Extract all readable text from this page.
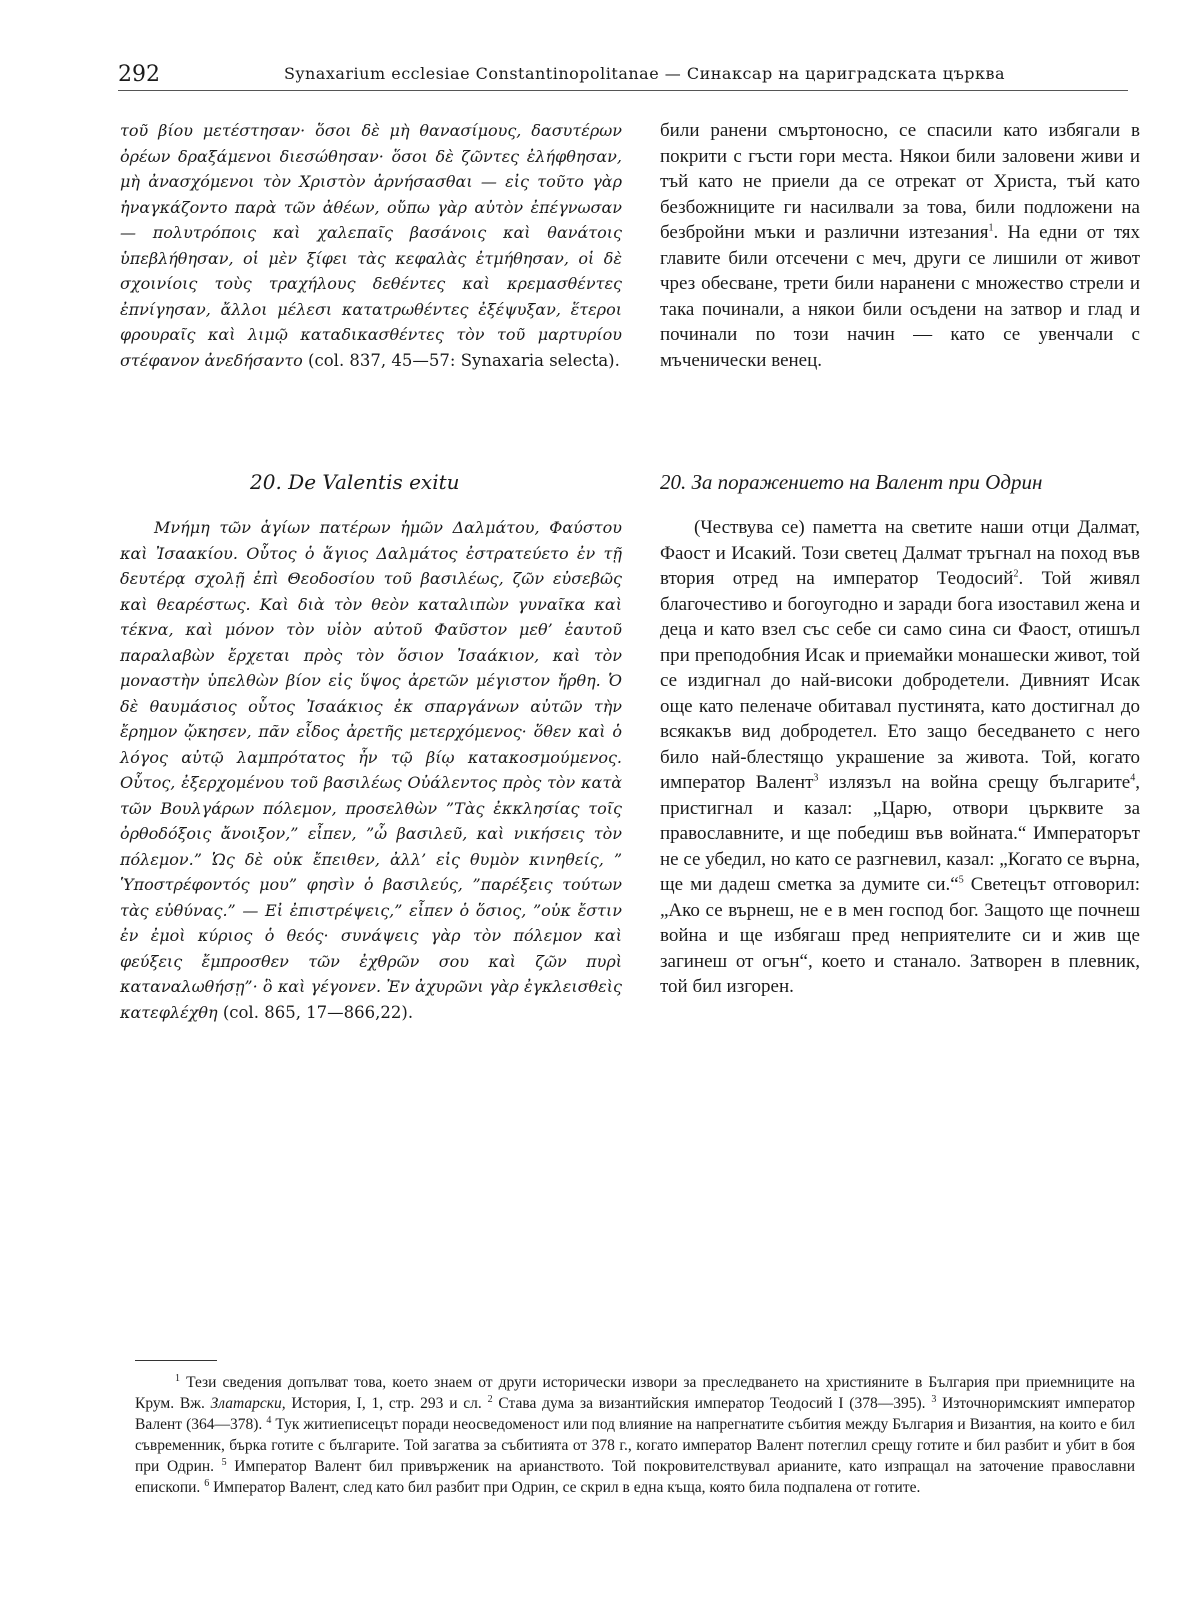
292	Synaxarium ecclesiae Constantinopolitanae — Синаксар на цариградската църква

τοῦ βίου μετέστησαν· ὅσοι δὲ μὴ θανασίμους, δασυτέρων ὀρέων δραξάμενοι διεσώθησαν· ὅσοι δὲ ζῶντες ἐλήφθησαν, μὴ ἀνασχόμενοι τὸν Χριστὸν ἀρνήσασθαι — εἰς τοῦτο γὰρ ἠναγκάζοντο παρὰ τῶν ἀθέων, οὔπω γὰρ αὐτὸν ἐπέγνωσαν — πολυτρόποις καὶ χαλεπαῖς βασάνοις καὶ θανάτοις ὑπεβλήθησαν, οἱ μὲν ξίφει τὰς κεφαλὰς ἐτμήθησαν, οἱ δὲ σχοινίοις τοὺς τραχήλους δεθέντες καὶ κρεμασθέντες ἐπνίγησαν, ἄλλοι μέλεσι κατατρωθέντες ἐξέψυξαν, ἕτεροι φρουραῖς καὶ λιμῷ καταδικασθέντες τὸν τοῦ μαρτυρίου στέφανον ἀνεδήσαντο (col. 837, 45—57: Synaxaria selecta).

били ранени смъртоносно, се спасили като избягали в покрити с гъсти гори места. Някои били заловени живи и тъй като не приели да се отрекат от Христа, тъй като безбожниците ги насилвали за това, били подложени на безбройни мъки и различни изтезания$^1$. На едни от тях главите били отсечени с меч, други се лишили от живот чрез обесване, трети били наранени с множество стрели и така починали, а някои били осъдени на затвор и глад и починали по този начин — като се увенчали с мъченически венец.

20. De Valentis exitu	20. За поражението на Валент при Одрин

Μνήμη τῶν ἁγίων πατέρων ἡμῶν Δαλμάτου, Φαύστου καὶ Ἰσαακίου. Οὗτος ὁ ἅγιος Δαλμάτος ἐστρατεύετο ἐν τῇ δευτέρᾳ σχολῇ ἐπὶ Θεοδοσίου τοῦ βασιλέως, ζῶν εὐσεβῶς καὶ θεαρέστως. Καὶ διὰ τὸν θεὸν καταλιπὼν γυναῖκα καὶ τέκνα, καὶ μόνον τὸν υἱὸν αὐτοῦ Φαῦστον μεθ’ ἑαυτοῦ παραλαβὼν ἔρχεται πρὸς τὸν ὅσιον Ἰσαάκιον, καὶ τὸν μοναστὴν ὑπελθὼν βίον εἰς ὕψος ἀρετῶν μέγιστον ἤρθη. Ὁ δὲ θαυμάσιος οὗτος Ἰσαάκιος ἐκ σπαργάνων αὐτῶν τὴν ἔρημον ᾤκησεν, πᾶν εἶδος ἀρετῆς μετερχόμενος· ὅθεν καὶ ὁ λόγος αὐτῷ λαμπρότατος ἦν τῷ βίῳ κατακοσμούμενος. Οὗτος, ἐξερχομένου τοῦ βασιλέως Οὐάλεντος πρὸς τὸν κατὰ τῶν Βουλγάρων πόλεμον, προσελθὼν ”Τὰς ἐκκλησίας τοῖς ὀρθοδόξοις ἄνοιξον,” εἶπεν, ”ὦ βασιλεῦ, καὶ νικήσεις τὸν πόλεμον.” Ὡς δὲ οὐκ ἔπειθεν, ἀλλ’ εἰς θυμὸν κινηθείς, ” Ὑποστρέφοντός μου” φησὶν ὁ βασιλεύς, ”παρέξεις τούτων τὰς εὐθύνας.” — Εἰ ἐπιστρέψεις,” εἶπεν ὁ ὅσιος, ”οὐκ ἔστιν ἐν ἐμοὶ κύριος ὁ θεός· συνάψεις γὰρ τὸν πόλεμον καὶ φεύξεις ἔμπροσθεν τῶν ἐχθρῶν σου καὶ ζῶν πυρὶ καταναλωθήσῃ”· ὃ καὶ γέγονεν. Ἐν ἀχυρῶνι γὰρ ἐγκλεισθεὶς κατεφλέχθη (col. 865, 17—866,22).

(Чествува се) паметта на светите наши отци Далмат, Фаост и Исакий. Този светец Далмат тръгнал на поход във втория отред на император Теодосий$^2$. Той живял благочестиво и богоугодно и заради бога изоставил жена и деца и като взел със себе си само сина си Фаост, отишъл при преподобния Исак и приемайки монашески живот, той се издигнал до най-високи добродетели. Дивният Исак още като пеленаче обитавал пустинята, като достигнал до всякакъв вид добродетел. Ето защо беседването с него било най-блестящо украшение за живота. Той, когато император Валент$^3$ излязъл на война срещу българите$^4$, пристигнал и казал: „Царю, отвори църквите за православните, и ще победиш във войната.“ Императорът не се убедил, но като се разгневил, казал: „Когато се върна, ще ми дадеш сметка за думите си.“$^5$ Светецът отговорил: „Ако се върнеш, не е в мен господ бог. Защото ще почнеш война и ще избягаш пред неприятелите си и жив ще загинеш от огън“, което и станало. Затворен в плевник, той бил изгорен.

$^1$ Тези сведения допълват това, което знаем от други исторически извори за преследването на християните в България при приемниците на Крум. Вж. Златарски, История, I, 1, стр. 293 и сл. $^2$ Става дума за византийския император Теодосий I (378—395). $^3$ Източноримският император Валент (364—378). $^4$ Тук житиеписецът поради неосведоменост или под влияние на напрегнатите събития между България и Византия, на които е бил съвременник, бърка готите с българите. Той загатва за събитията от 378 г., когато император Валент потеглил срещу готите и бил разбит и убит в боя при Одрин. $^5$ Император Валент бил привърженик на арианството. Той покровителствувал арианите, като изпращал на заточение православни епископи. $^6$ Император Валент, след като бил разбит при Одрин, се скрил в една къща, която била подпалена от готите.
